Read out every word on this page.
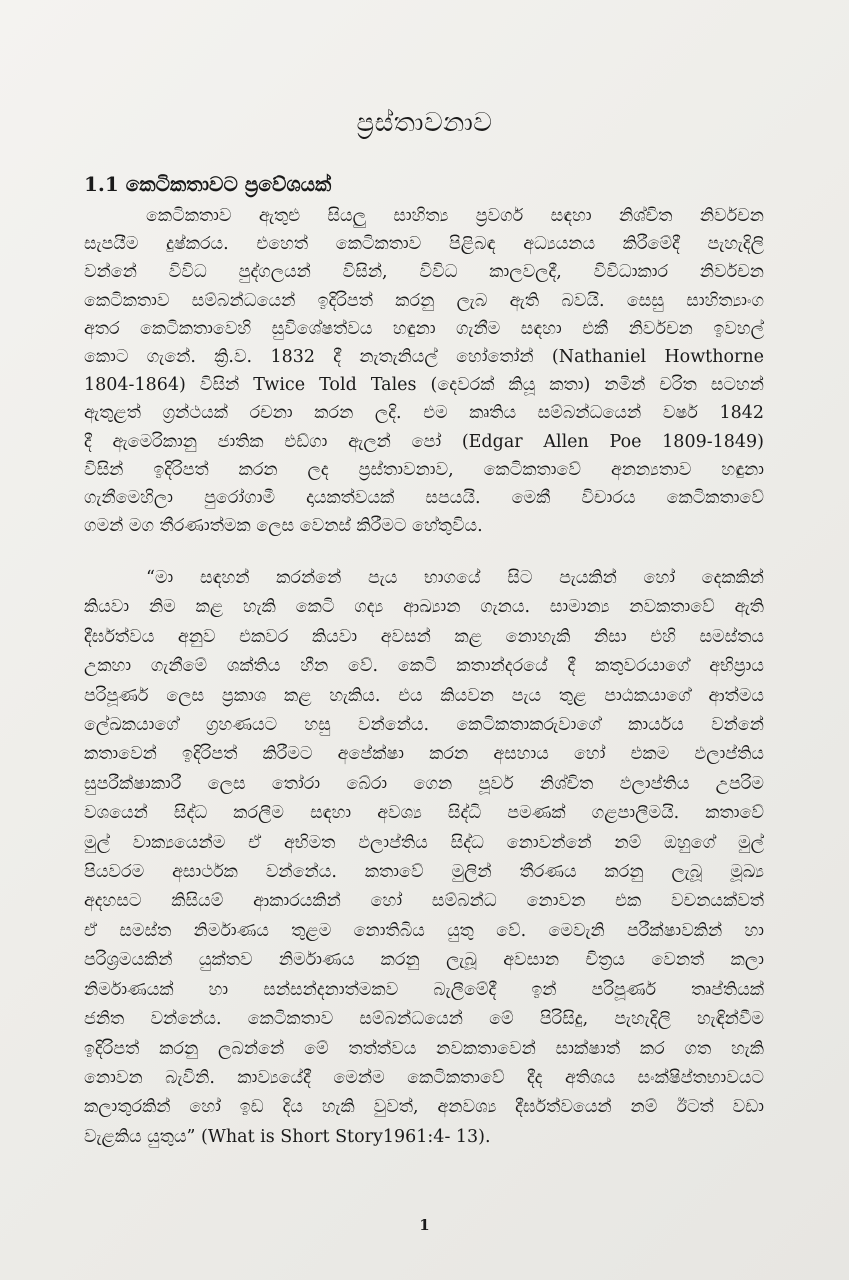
ප්‍රස්තාවනාව
1.1 කෙටිකතාවට ප්‍රවේශයක්
කෙටිකතාව ඇතුළු සියලු සාහිත්‍ය ප්‍රවර්ග සඳහා නිශ්චිත නිර්වචන
සැපයීම දුෂ්කරය. එහෙත් කෙටිකතාව පිළිබඳ අධ්‍යයනය කිරීමේදී පැහැදිලි
වන්නේ විවිධ පුද්ගලයන් විසින්, විවිධ කාලවලදී, විවිධාකාර නිර්වචන
කෙටිකතාව සම්බන්ධයෙන් ඉදිරිපත් කරනු ලැබ ඇති බවයි. සෙසු සාහිත්‍යාංග
අතර කෙටිකතාවෙහි සුවිශේෂත්වය හඳුනා ගැනීම සඳහා එකී නිර්වචන ඉවහල්
කොට ගැනේ. ක්‍රි.ව. 1832 දී නැතැනියල් හෝතෝන් (Nathaniel Howthorne
1804-1864) විසින් Twice Told Tales (දෙවරක් කියූ කතා) නමින් චරිත සටහන්
ඇතුළත් ග්‍රන්ථයක් රචනා කරන ලදි. එම කෘතිය සම්බන්ධයෙන් වර්ෂ 1842
දී ඇමෙරිකානු ජාතික එඩ්ගා ඇලන් පෝ (Edgar Allen Poe 1809-1849)
විසින් ඉදිරිපත් කරන ලද ප්‍රස්තාවනාව, කෙටිකතාවේ අනන්‍යතාව හඳුනා
ගැනීමෙහිලා පුරෝගාමී දායකත්වයක් සපයයි. මෙකී විචාරය කෙටිකතාවේ
ගමන් මග තීරණාත්මක ලෙස වෙනස් කිරීමට හේතුවිය.
“මා සඳහන් කරන්නේ පැය භාගයේ සිට පැයකින් හෝ දෙකකින්
කියවා නිම කළ හැකි කෙටි ගද්‍ය ආඛ්‍යාන ගැනය. සාමාන්‍ය නවකතාවේ ඇති
දීර්ඝත්වය අනුව එකවර කියවා අවසන් කළ නොහැකි නිසා එහි සමස්තය
උකහා ගැනීමේ ශක්තිය හීන වේ. කෙටි කතාන්දරයේ දී කතුවරයාගේ අභිප්‍රාය
පරිපූර්ණ ලෙස ප්‍රකාශ කළ හැකිය. එය කියවන පැය තුළ පාඨකයාගේ ආත්මය
ලේඛකයාගේ ග්‍රහණයට හසු වන්නේය. කෙටිකතාකරුවාගේ කාර්යය වන්නේ
කතාවෙන් ඉදිරිපත් කිරීමට අපේක්ෂා කරන අසහාය හෝ එකම ඵලාප්තිය
සුපරීක්ෂාකාරී ලෙස තෝරා බේරා ගෙන පූර්ව නිශ්චිත ඵලාප්තිය උපරිම
වශයෙන් සිද්ධ කරලීම සඳහා අවශ්‍ය සිද්ධි පමණක් ගළපාලීමයි. කතාවේ
මුල් වාක්‍යයෙන්ම ඒ අභිමත ඵලාප්තිය සිද්ධ නොවන්නේ නම් ඔහුගේ මුල්
පියවරම අසාර්ථක වන්නේය. කතාවේ මුලින් තීරණය කරනු ලැබූ මූඛ්‍ය
අදහසට කිසියම් ආකාරයකින් හෝ සම්බන්ධ නොවන එක වචනයක්වත්
ඒ සමස්ත නිර්මාණය තුළම නොතිබිය යුතු වේ. මෙවැනි පරීක්ෂාවකින් හා
පරිශ්‍රමයකින් යුක්තව නිර්මාණය කරනු ලැබූ අවසාන චිත්‍රය වෙනත් කලා
නිර්මාණයක් හා සන්සන්දනාත්මකව බැලීමේදී ඉන් පරිපූර්ණ තෘප්තියක්
ජනිත වන්නේය. කෙටිකතාව සම්බන්ධයෙන් මේ පිරිසිදු, පැහැදිලි හැඳින්වීම
ඉදිරිපත් කරනු ලබන්නේ මේ තත්ත්වය නවකතාවෙන් සාක්ෂාත් කර ගත හැකි
නොවන බැවිනි. කාව්‍යයේදී මෙන්ම කෙටිකතාවේ දීද අතිශය සංක්ෂිප්තභාවයට
කලාතුරකින් හෝ ඉඩ දිය හැකි වුවත්, අනවශ්‍ය දීර්ඝත්වයෙන් නම් ඊටත් වඩා
වැළකිය යුතුය” (What is Short Story1961:4- 13).
1
